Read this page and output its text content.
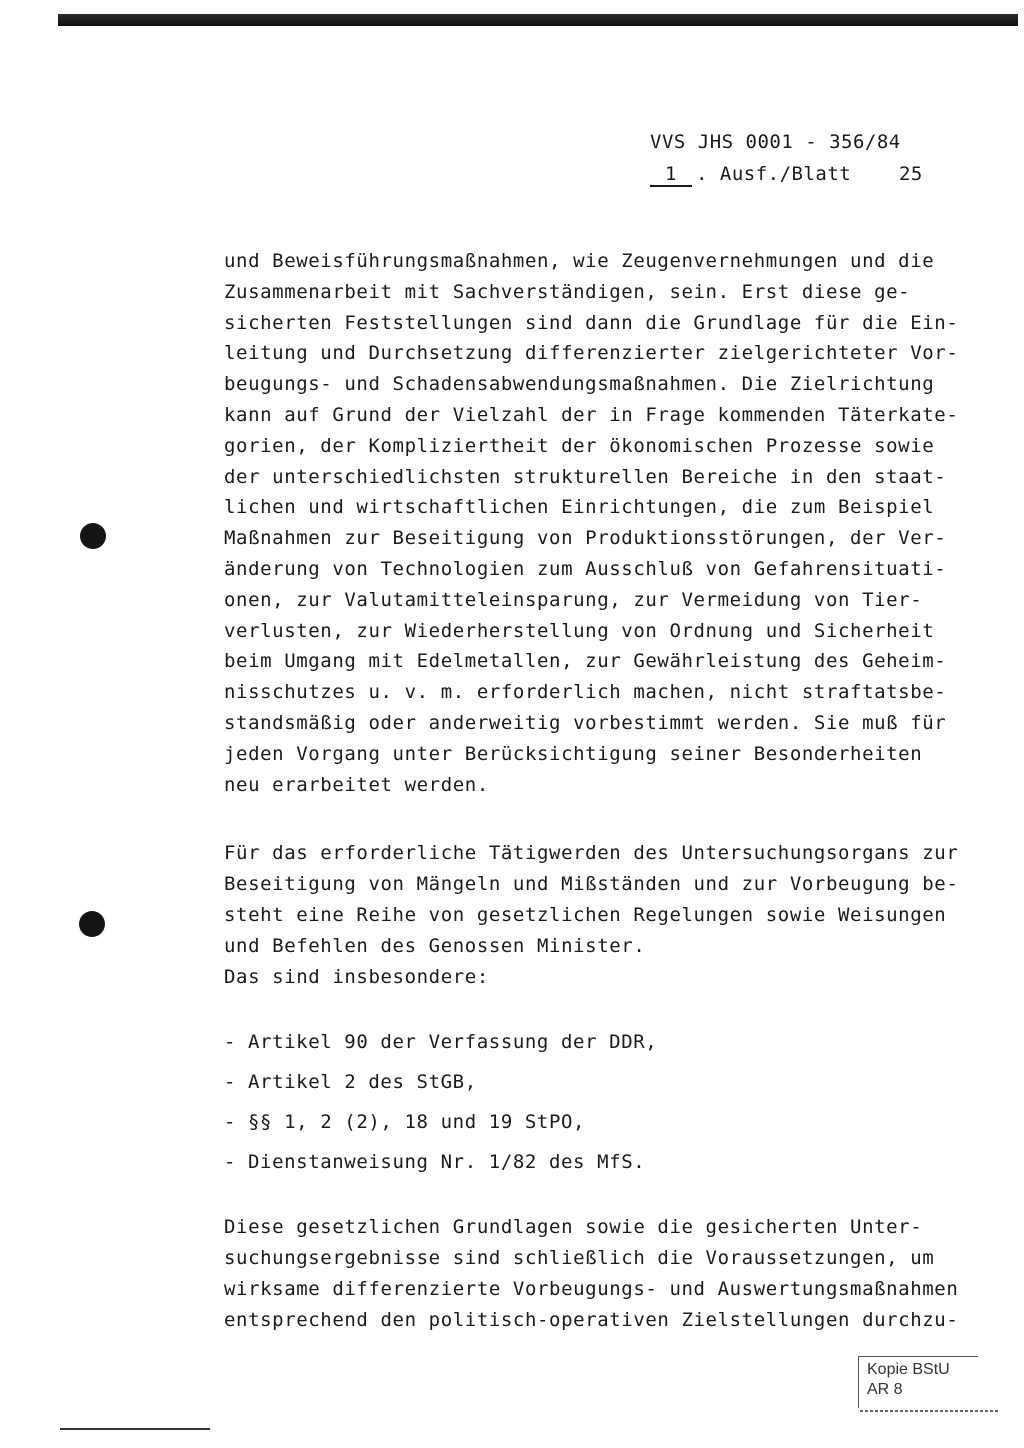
VVS JHS 0001 - 356/84
1 . Ausf./Blatt	25
und Beweisführungsmaßnahmen, wie Zeugenvernehmungen und die
Zusammenarbeit mit Sachverständigen, sein. Erst diese ge-
sicherten Feststellungen sind dann die Grundlage für die Ein-
leitung und Durchsetzung differenzierter zielgerichteter Vor-
beugungs- und Schadensabwendungsmaßnahmen. Die Zielrichtung
kann auf Grund der Vielzahl der in Frage kommenden Täterkate-
gorien, der Kompliziertheit der ökonomischen Prozesse sowie
der unterschiedlichsten strukturellen Bereiche in den staat-
lichen und wirtschaftlichen Einrichtungen, die zum Beispiel
Maßnahmen zur Beseitigung von Produktionsstörungen, der Ver-
änderung von Technologien zum Ausschluß von Gefahrensituati-
onen, zur Valutamitteleinsparung, zur Vermeidung von Tier-
verlusten, zur Wiederherstellung von Ordnung und Sicherheit
beim Umgang mit Edelmetallen, zur Gewährleistung des Geheim-
nisschutzes u. v. m. erforderlich machen, nicht straftatsbe-
standsmäßig oder anderweitig vorbestimmt werden. Sie muß für
jeden Vorgang unter Berücksichtigung seiner Besonderheiten
neu erarbeitet werden.
Für das erforderliche Tätigwerden des Untersuchungsorgans zur
Beseitigung von Mängeln und Mißständen und zur Vorbeugung be-
steht eine Reihe von gesetzlichen Regelungen sowie Weisungen
und Befehlen des Genossen Minister.
Das sind insbesondere:
- Artikel 90 der Verfassung der DDR,
- Artikel 2 des StGB,
- §§ 1, 2 (2), 18 und 19 StPO,
- Dienstanweisung Nr. 1/82 des MfS.
Diese gesetzlichen Grundlagen sowie die gesicherten Unter-
suchungsergebnisse sind schließlich die Voraussetzungen, um
wirksame differenzierte Vorbeugungs- und Auswertungsmaßnahmen
entsprechend den politisch-operativen Zielstellungen durchzu-
Kopie BStU
AR 8
